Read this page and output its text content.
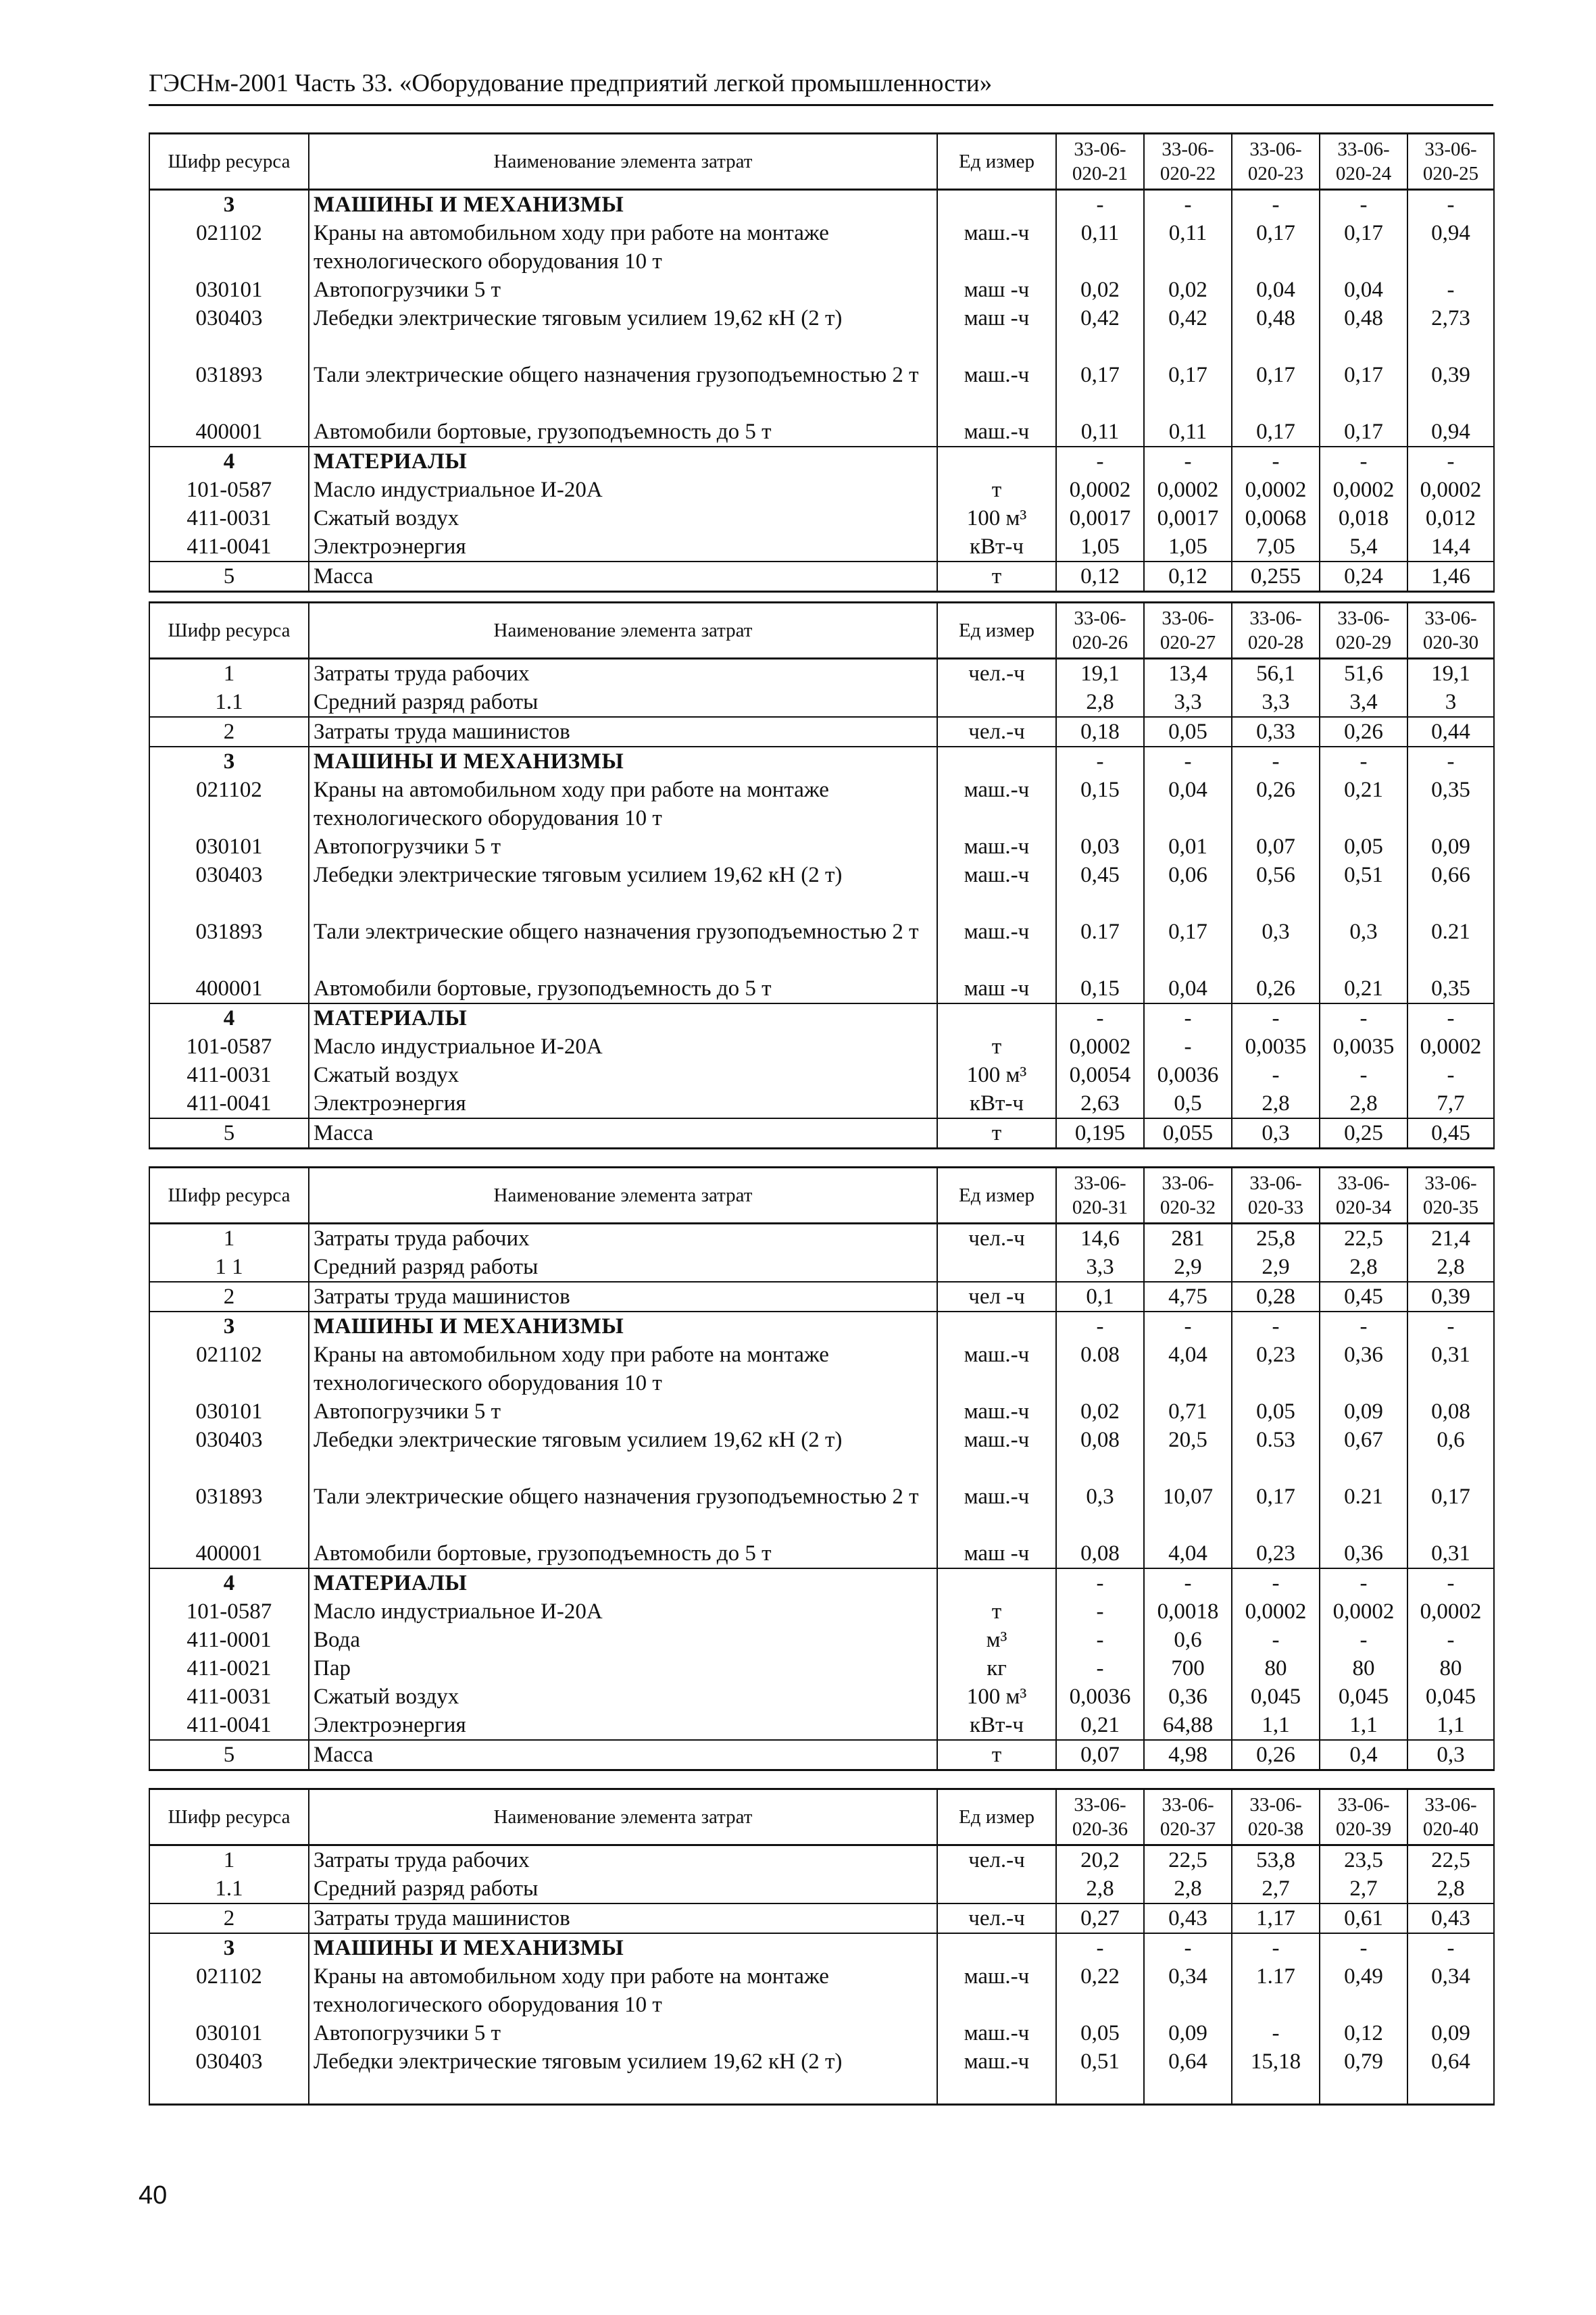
ГЭСНм-2001 Часть 33. «Оборудование предприятий легкой промышленности»
Шифр ресурса	Наименование элемента затрат	Ед измер	33-06-020-21	33-06-020-22	33-06-020-23	33-06-020-24	33-06-020-25
3	МАШИНЫ И МЕХАНИЗМЫ		-	-	-	-	-
021102	Краны на автомобильном ходу при работе на монтаже технологического оборудования 10 т	маш.-ч	0,11	0,11	0,17	0,17	0,94
030101	Автопогрузчики 5 т	маш -ч	0,02	0,02	0,04	0,04	-
030403	Лебедки электрические тяговым усилием 19,62 кН (2 т)	маш -ч	0,42	0,42	0,48	0,48	2,73
031893	Тали электрические общего назначения грузоподъемностью 2 т	маш.-ч	0,17	0,17	0,17	0,17	0,39
400001	Автомобили бортовые, грузоподъемность до 5 т	маш.-ч	0,11	0,11	0,17	0,17	0,94
4	МАТЕРИАЛЫ		-	-	-	-	-
101-0587	Масло индустриальное И-20А	т	0,0002	0,0002	0,0002	0,0002	0,0002
411-0031	Сжатый воздух	100 м³	0,0017	0,0017	0,0068	0,018	0,012
411-0041	Электроэнергия	кВт-ч	1,05	1,05	7,05	5,4	14,4
5	Масса	т	0,12	0,12	0,255	0,24	1,46
Шифр ресурса	Наименование элемента затрат	Ед измер	33-06-020-26	33-06-020-27	33-06-020-28	33-06-020-29	33-06-020-30
1	Затраты труда рабочих	чел.-ч	19,1	13,4	56,1	51,6	19,1
1.1	Средний разряд работы		2,8	3,3	3,3	3,4	3
2	Затраты труда машинистов	чел.-ч	0,18	0,05	0,33	0,26	0,44
3	МАШИНЫ И МЕХАНИЗМЫ		-	-	-	-	-
021102	Краны на автомобильном ходу при работе на монтаже технологического оборудования 10 т	маш.-ч	0,15	0,04	0,26	0,21	0,35
030101	Автопогрузчики 5 т	маш.-ч	0,03	0,01	0,07	0,05	0,09
030403	Лебедки электрические тяговым усилием 19,62 кН (2 т)	маш.-ч	0,45	0,06	0,56	0,51	0,66
031893	Тали электрические общего назначения грузоподъемностью 2 т	маш.-ч	0.17	0,17	0,3	0,3	0.21
400001	Автомобили бортовые, грузоподъемность до 5 т	маш -ч	0,15	0,04	0,26	0,21	0,35
4	МАТЕРИАЛЫ		-	-	-	-	-
101-0587	Масло индустриальное И-20А	т	0,0002	-	0,0035	0,0035	0,0002
411-0031	Сжатый воздух	100 м³	0,0054	0,0036	-	-	-
411-0041	Электроэнергия	кВт-ч	2,63	0,5	2,8	2,8	7,7
5	Масса	т	0,195	0,055	0,3	0,25	0,45
Шифр ресурса	Наименование элемента затрат	Ед измер	33-06-020-31	33-06-020-32	33-06-020-33	33-06-020-34	33-06-020-35
1	Затраты труда рабочих	чел.-ч	14,6	281	25,8	22,5	21,4
1 1	Средний разряд работы		3,3	2,9	2,9	2,8	2,8
2	Затраты труда машинистов	чел -ч	0,1	4,75	0,28	0,45	0,39
3	МАШИНЫ И МЕХАНИЗМЫ		-	-	-	-	-
021102	Краны на автомобильном ходу при работе на монтаже технологического оборудования 10 т	маш.-ч	0.08	4,04	0,23	0,36	0,31
030101	Автопогрузчики 5 т	маш.-ч	0,02	0,71	0,05	0,09	0,08
030403	Лебедки электрические тяговым усилием 19,62 кН (2 т)	маш.-ч	0,08	20,5	0.53	0,67	0,6
031893	Тали электрические общего назначения грузоподъемностью 2 т	маш.-ч	0,3	10,07	0,17	0.21	0,17
400001	Автомобили бортовые, грузоподъемность до 5 т	маш -ч	0,08	4,04	0,23	0,36	0,31
4	МАТЕРИАЛЫ		-	-	-	-	-
101-0587	Масло индустриальное И-20А	т	-	0,0018	0,0002	0,0002	0,0002
411-0001	Вода	м³	-	0,6	-	-	-
411-0021	Пар	кг	-	700	80	80	80
411-0031	Сжатый воздух	100 м³	0,0036	0,36	0,045	0,045	0,045
411-0041	Электроэнергия	кВт-ч	0,21	64,88	1,1	1,1	1,1
5	Масса	т	0,07	4,98	0,26	0,4	0,3
Шифр ресурса	Наименование элемента затрат	Ед измер	33-06-020-36	33-06-020-37	33-06-020-38	33-06-020-39	33-06-020-40
1	Затраты труда рабочих	чел.-ч	20,2	22,5	53,8	23,5	22,5
1.1	Средний разряд работы		2,8	2,8	2,7	2,7	2,8
2	Затраты труда машинистов	чел.-ч	0,27	0,43	1,17	0,61	0,43
3	МАШИНЫ И МЕХАНИЗМЫ		-	-	-	-	-
021102	Краны на автомобильном ходу при работе на монтаже технологического оборудования 10 т	маш.-ч	0,22	0,34	1.17	0,49	0,34
030101	Автопогрузчики 5 т	маш.-ч	0,05	0,09	-	0,12	0,09
030403	Лебедки электрические тяговым усилием 19,62 кН (2 т)	маш.-ч	0,51	0,64	15,18	0,79	0,64
40
